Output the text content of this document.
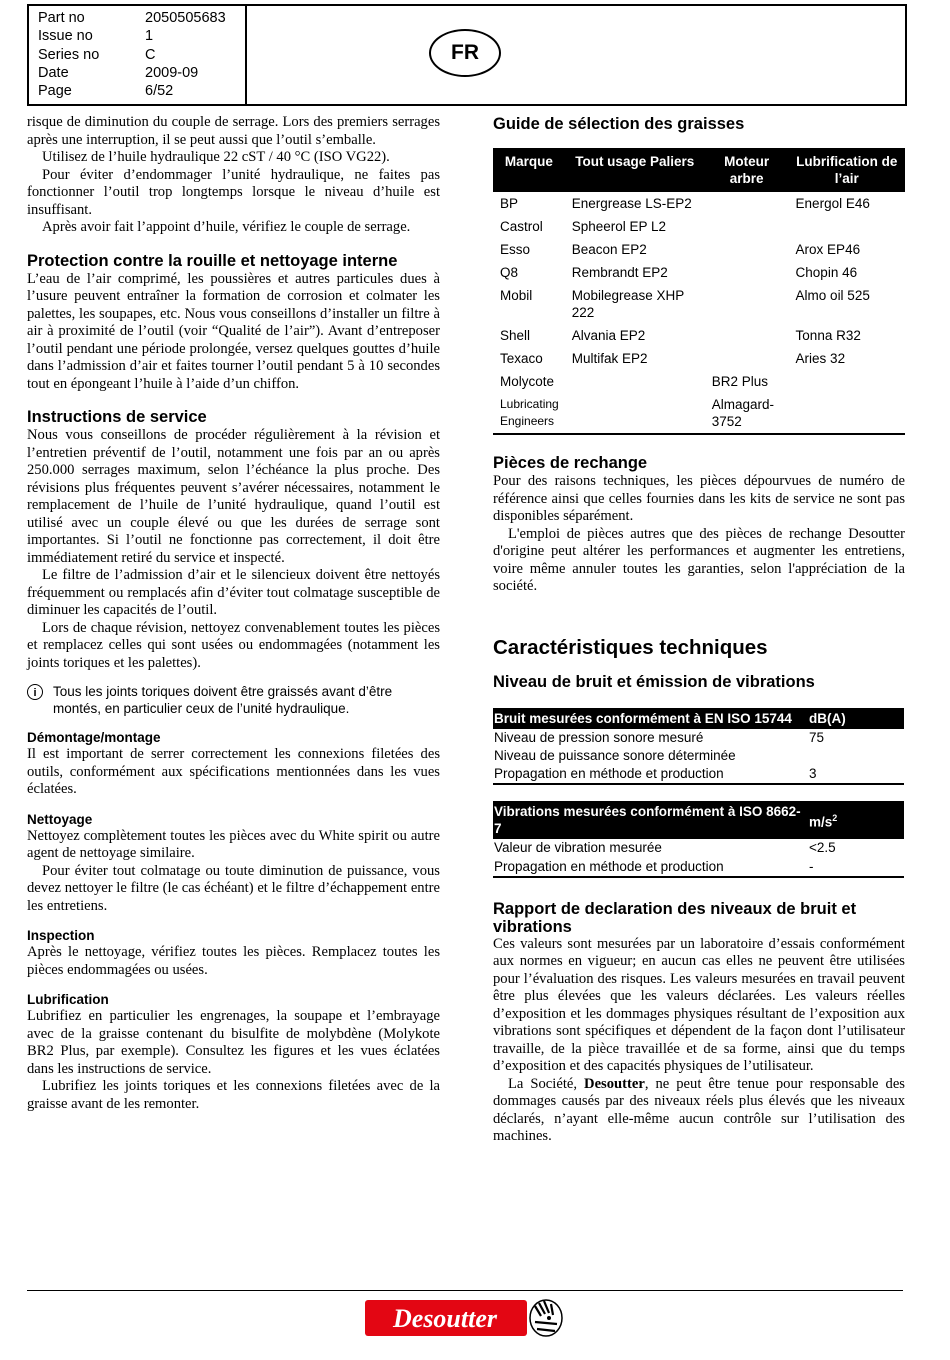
Part no	2050505683
Issue no	1
Series no	C
Date	2009-09
Page	6/52
FR

risque de diminution du couple de serrage. Lors des premiers serrages après une interruption, il se peut aussi que l’outil s’emballe.

Utilisez de l’huile hydraulique 22 cST / 40 °C (ISO VG22).

Pour éviter d’endommager l’unité hydraulique, ne faites pas fonctionner l’outil trop longtemps lorsque le niveau d’huile est insuffisant.

Après avoir fait l’appoint d’huile, vérifiez le couple de serrage.

Protection contre la rouille et nettoyage interne

L’eau de l’air comprimé, les poussières et autres particules dues à l’usure peuvent entraîner la formation de corrosion et colmater les palettes, les soupapes, etc. Nous vous conseillons d’installer un filtre à air à proximité de l’outil (voir “Qualité de l’air”). Avant d’entreposer l’outil pendant une période prolongée, versez quelques gouttes d’huile dans l’admission d’air et faites tourner l’outil pendant 5 à 10 secondes tout en épongeant l’huile à l’aide d’un chiffon.

Instructions de service

Nous vous conseillons de procéder régulièrement à la révision et l’entretien préventif de l’outil, notamment une fois par an ou après 250.000 serrages maximum, selon l’échéance la plus proche. Des révisions plus fréquentes peuvent s’avérer nécessaires, notamment le remplacement de l’huile de l’unité hydraulique, quand l’outil est utilisé avec un couple élevé ou que les durées de serrage sont importantes. Si l’outil ne fonctionne pas correctement, il doit être immédiatement retiré du service et inspecté.

Le filtre de l’admission d’air et le silencieux doivent être nettoyés fréquemment ou remplacés afin d’éviter tout colmatage susceptible de diminuer les capacités de l’outil.

Lors de chaque révision, nettoyez convenablement toutes les pièces et remplacez celles qui sont usées ou endommagées (notamment les joints toriques et les palettes).

i	Tous les joints toriques doivent être graissés avant d’être montés, en particulier ceux de l’unité hydraulique.
Démontage/montage

Il est important de serrer correctement les connexions filetées des outils, conformément aux spécifications mentionnées dans les vues éclatées.

Nettoyage

Nettoyez complètement toutes les pièces avec du White spirit ou autre agent de nettoyage similaire.

Pour éviter tout colmatage ou toute diminution de puissance, vous devez nettoyer le filtre (le cas échéant) et le filtre d’échappement entre les entretiens.

Inspection

Après le nettoyage, vérifiez toutes les pièces. Remplacez toutes les pièces endommagées ou usées.

Lubrification

Lubrifiez en particulier les engrenages, la soupape et l’embrayage avec de la graisse contenant du bisulfite de molybdène (Molykote BR2 Plus, par exemple). Consultez les figures et les vues éclatées dans les instructions de service.

Lubrifiez les joints toriques et les connexions filetées avec de la graisse avant de les remonter.

Guide de sélection des graisses
Marque	Tout usage Paliers	Moteur arbre	Lubrification de l’air
BP	Energrease LS-EP2		Energol E46
Castrol	Spheerol EP L2		
Esso	Beacon EP2		Arox EP46
Q8	Rembrandt EP2		Chopin 46
Mobil	Mobilegrease XHP 222		Almo oil 525
Shell	Alvania EP2		Tonna R32
Texaco	Multifak EP2		Aries 32
Molycote		BR2 Plus	
Lubricating Engineers		Almagard-3752	
Pièces de rechange

Pour des raisons techniques, les pièces dépourvues de numéro de référence ainsi que celles fournies dans les kits de service ne sont pas disponibles séparément.

L'emploi de pièces autres que des pièces de rechange Desoutter d'origine peut altérer les performances et augmenter les entretiens, voire même annuler toutes les garanties, selon l'appréciation de la société.

Caractéristiques techniques
Niveau de bruit et émission de vibrations
Bruit mesurées conformément à EN ISO 15744	dB(A)
Niveau de pression sonore mesuré	75
Niveau de puissance sonore déterminée	
Propagation en méthode et production	3
Vibrations mesurées conformément à ISO 8662-7	$m/s^2$
Valeur de vibration mesurée	<2.5
Propagation en méthode et production	-
Rapport de declaration des niveaux de bruit et vibrations

Ces valeurs sont mesurées par un laboratoire d’essais conformément aux normes en vigueur; en aucun cas elles ne peuvent être utilisées pour l’évaluation des risques. Les valeurs mesurées en travail peuvent être plus élevées que les valeurs déclarées. Les valeurs réelles d’exposition et les dommages physiques résultant de l’exposition aux vibrations sont spécifiques et dépendent de la façon dont l’utilisateur travaille, de la pièce travaillée et de sa forme, ainsi que du temps d’exposition et des capacités physiques de l’utilisateur.

La Société, Desoutter, ne peut être tenue pour responsable des dommages causés par des niveaux réels plus élevés que les niveaux déclarés, n’ayant elle-même aucun contrôle sur l’utilisation des machines.

Desoutter
